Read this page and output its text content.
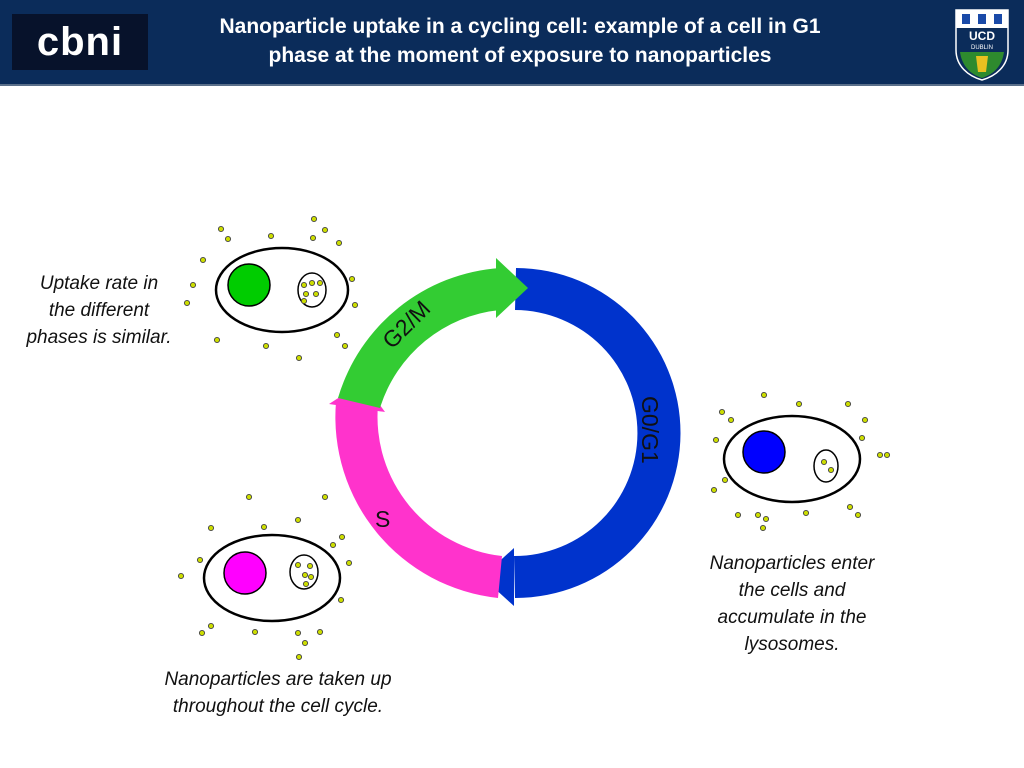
cbni	Nanoparticle uptake in a cycling cell: example of a cell in G1
phase at the moment of exposure to nanoparticles
UCD
DUBLIN
G2/M
G0/G1
S
Uptake rate in
the different
phases is similar.
Nanoparticles enter
the cells and
accumulate in the
lysosomes.
Nanoparticles are taken up
throughout the cell cycle.
